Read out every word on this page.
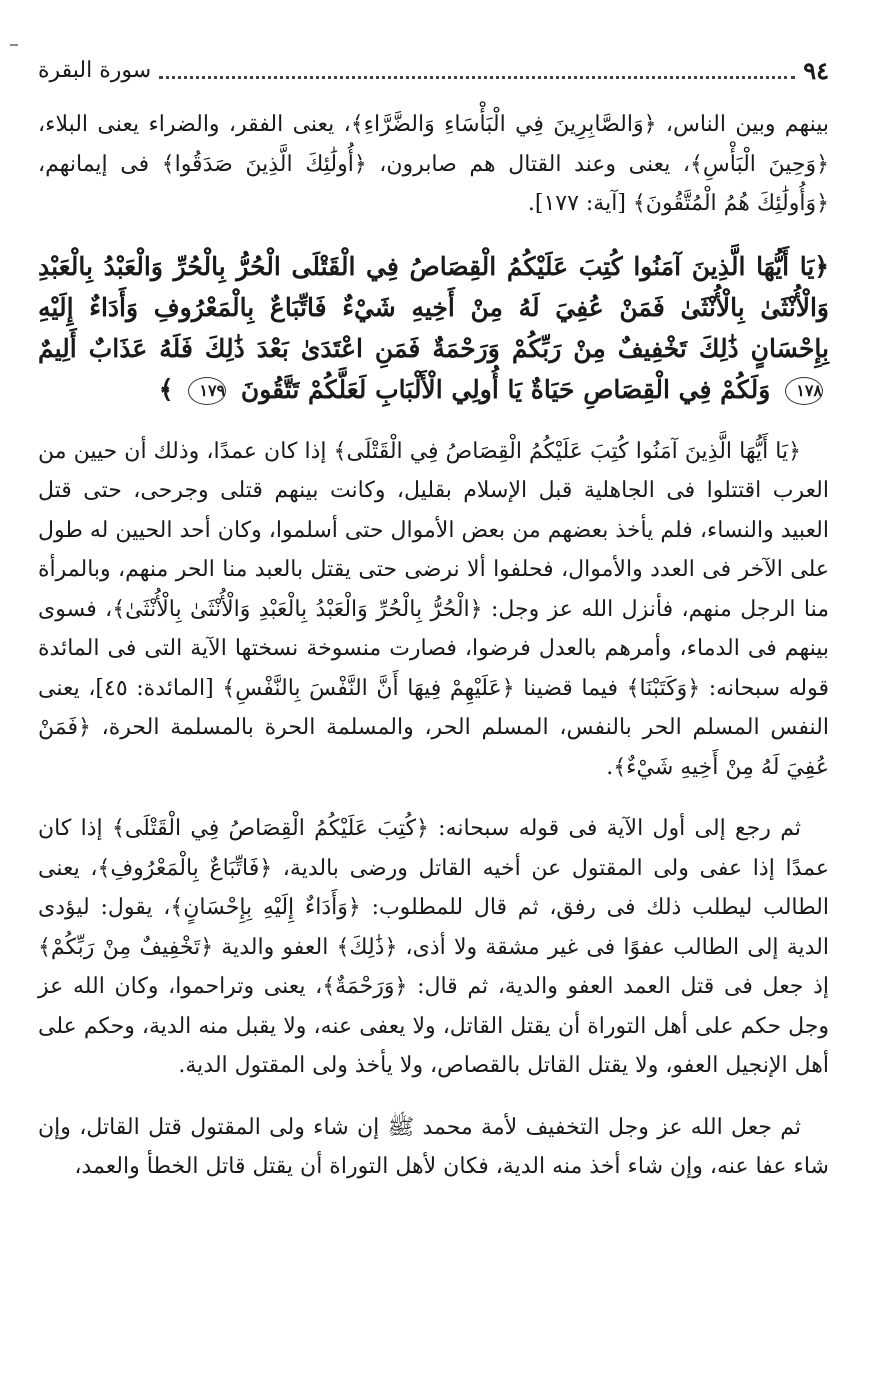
٩٤
سورة البقرة

بينهم وبين الناس، ﴿وَالصَّابِرِينَ فِي الْبَأْسَاءِ وَالضَّرَّاءِ﴾، يعنى الفقر، والضراء يعنى البلاء، ﴿وَحِينَ الْبَأْسِ﴾، يعنى وعند القتال هم صابرون، ﴿أُولَٰئِكَ الَّذِينَ صَدَقُوا﴾ فى إيمانهم، ﴿وَأُولَٰئِكَ هُمُ الْمُتَّقُونَ﴾ [آية: ١٧٧].

﴿يَا أَيُّهَا الَّذِينَ آمَنُوا كُتِبَ عَلَيْكُمُ الْقِصَاصُ فِي الْقَتْلَى الْحُرُّ بِالْحُرِّ وَالْعَبْدُ بِالْعَبْدِ وَالْأُنْثَىٰ بِالْأُنْثَىٰ فَمَنْ عُفِيَ لَهُ مِنْ أَخِيهِ شَيْءٌ فَاتِّبَاعٌ بِالْمَعْرُوفِ وَأَدَاءٌ إِلَيْهِ بِإِحْسَانٍ ذَٰلِكَ تَخْفِيفٌ مِنْ رَبِّكُمْ وَرَحْمَةٌ فَمَنِ اعْتَدَىٰ بَعْدَ ذَٰلِكَ فَلَهُ عَذَابٌ أَلِيمٌ ١٧٨ وَلَكُمْ فِي الْقِصَاصِ حَيَاةٌ يَا أُولِي الْأَلْبَابِ لَعَلَّكُمْ تَتَّقُونَ ١٧٩ ﴾

﴿يَا أَيُّهَا الَّذِينَ آمَنُوا كُتِبَ عَلَيْكُمُ الْقِصَاصُ فِي الْقَتْلَى﴾ إذا كان عمدًا، وذلك أن حيين من العرب اقتتلوا فى الجاهلية قبل الإسلام بقليل، وكانت بينهم قتلى وجرحى، حتى قتل العبيد والنساء، فلم يأخذ بعضهم من بعض الأموال حتى أسلموا، وكان أحد الحيين له طول على الآخر فى العدد والأموال، فحلفوا ألا نرضى حتى يقتل بالعبد منا الحر منهم، وبالمرأة منا الرجل منهم، فأنزل الله عز وجل: ﴿الْحُرُّ بِالْحُرِّ وَالْعَبْدُ بِالْعَبْدِ وَالْأُنْثَىٰ بِالْأُنْثَىٰ﴾، فسوى بينهم فى الدماء، وأمرهم بالعدل فرضوا، فصارت منسوخة نسختها الآية التى فى المائدة قوله سبحانه: ﴿وَكَتَبْنَا﴾ فيما قضينا ﴿عَلَيْهِمْ فِيهَا أَنَّ النَّفْسَ بِالنَّفْسِ﴾ [المائدة: ٤٥]، يعنى النفس المسلم الحر بالنفس، المسلم الحر، والمسلمة الحرة بالمسلمة الحرة، ﴿فَمَنْ عُفِيَ لَهُ مِنْ أَخِيهِ شَيْءٌ﴾.

ثم رجع إلى أول الآية فى قوله سبحانه: ﴿كُتِبَ عَلَيْكُمُ الْقِصَاصُ فِي الْقَتْلَى﴾ إذا كان عمدًا إذا عفى ولى المقتول عن أخيه القاتل ورضى بالدية، ﴿فَاتِّبَاعٌ بِالْمَعْرُوفِ﴾، يعنى الطالب ليطلب ذلك فى رفق، ثم قال للمطلوب: ﴿وَأَدَاءٌ إِلَيْهِ بِإِحْسَانٍ﴾، يقول: ليؤدى الدية إلى الطالب عفوًا فى غير مشقة ولا أذى، ﴿ذَٰلِكَ﴾ العفو والدية ﴿تَخْفِيفٌ مِنْ رَبِّكُمْ﴾ إذ جعل فى قتل العمد العفو والدية، ثم قال: ﴿وَرَحْمَةٌ﴾، يعنى وتراحموا، وكان الله عز وجل حكم على أهل التوراة أن يقتل القاتل، ولا يعفى عنه، ولا يقبل منه الدية، وحكم على أهل الإنجيل العفو، ولا يقتل القاتل بالقصاص، ولا يأخذ ولى المقتول الدية.

ثم جعل الله عز وجل التخفيف لأمة محمد ﷺ إن شاء ولى المقتول قتل القاتل، وإن شاء عفا عنه، وإن شاء أخذ منه الدية، فكان لأهل التوراة أن يقتل قاتل الخطأ والعمد،
